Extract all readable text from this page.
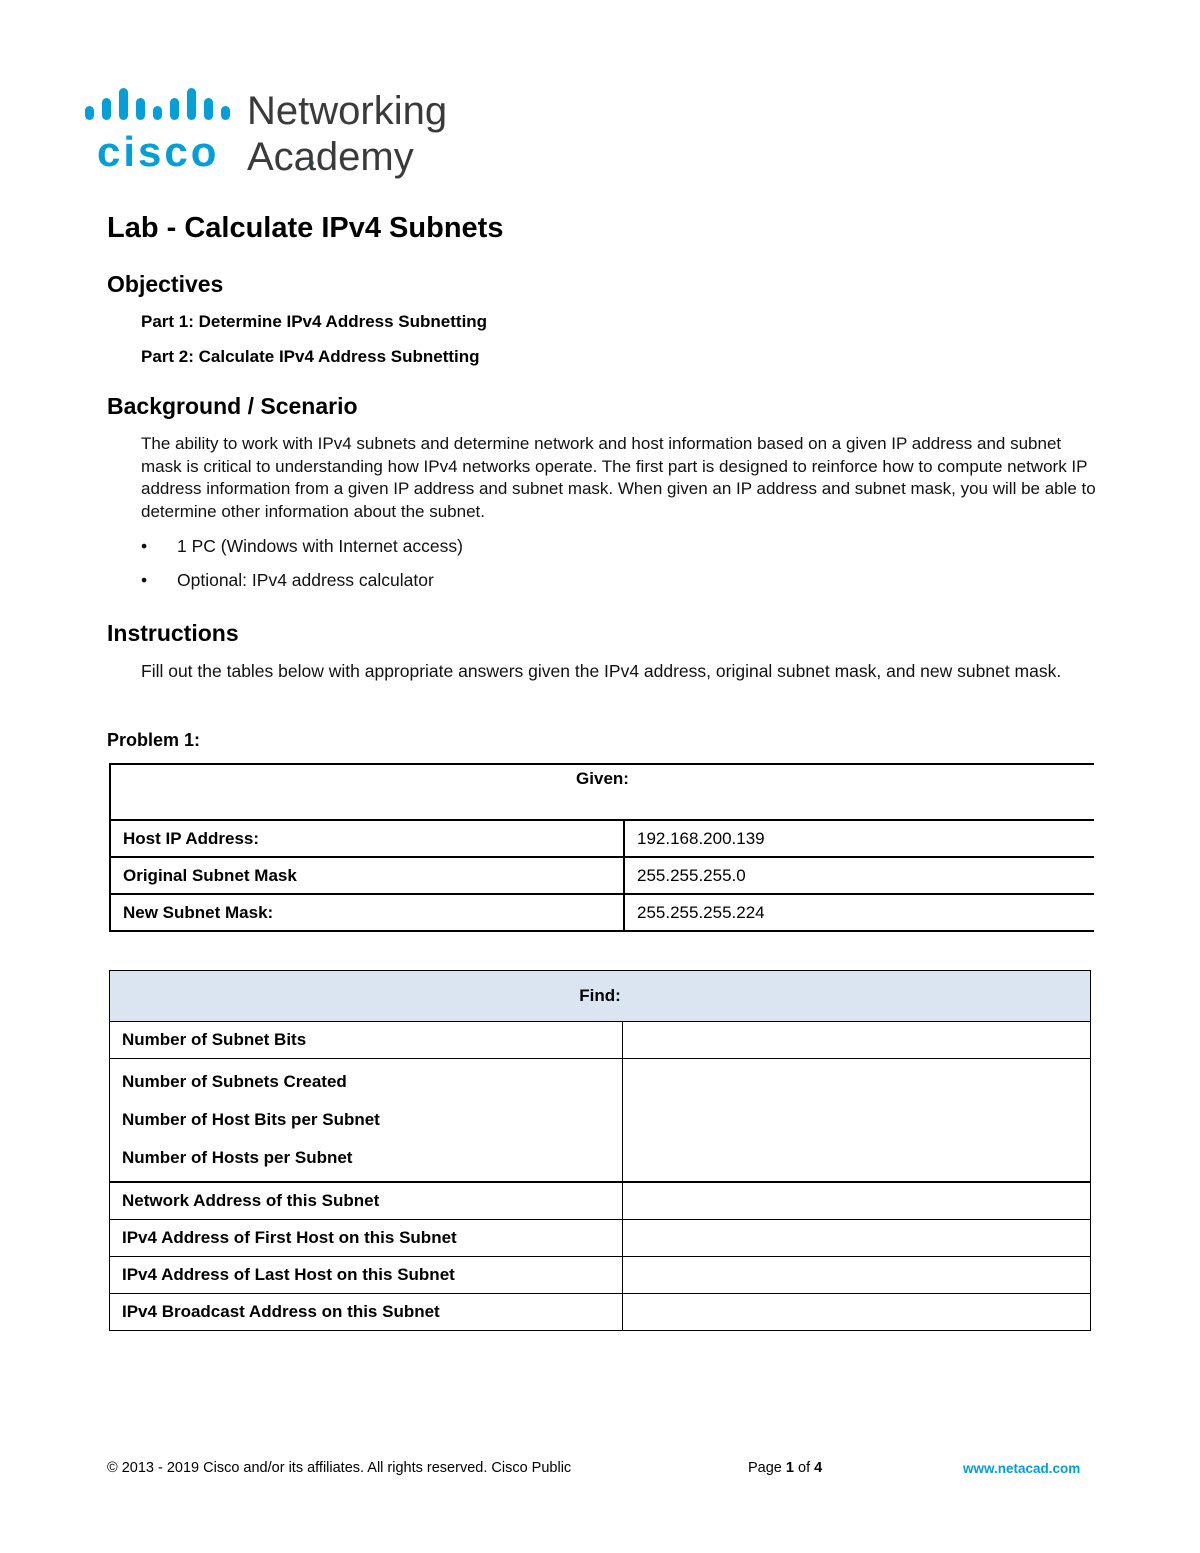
cisco
Networking
Academy
Lab - Calculate IPv4 Subnets
Objectives
Part 1: Determine IPv4 Address Subnetting
Part 2: Calculate IPv4 Address Subnetting
Background / Scenario
The ability to work with IPv4 subnets and determine network and host information based on a given IP address and subnet mask is critical to understanding how IPv4 networks operate. The first part is designed to reinforce how to compute network IP address information from a given IP address and subnet mask. When given an IP address and subnet mask, you will be able to determine other information about the subnet.
• 1 PC (Windows with Internet access)
• Optional: IPv4 address calculator
Instructions
Fill out the tables below with appropriate answers given the IPv4 address, original subnet mask, and new subnet mask.
Problem 1:
Given:	
Host IP Address:	192.168.200.139
Original Subnet Mask	255.255.255.0
New Subnet Mask:	255.255.255.224
Find:	
Number of Subnet Bits	

Number of Subnets Created
Number of Host Bits per Subnet
Number of Hosts per Subnet	

Network Address of this Subnet	
IPv4 Address of First Host on this Subnet	
IPv4 Address of Last Host on this Subnet	
IPv4 Broadcast Address on this Subnet	
© 2013 - 2019 Cisco and/or its affiliates. All rights reserved. Cisco Public	Page 1 of 4	www.netacad.com
